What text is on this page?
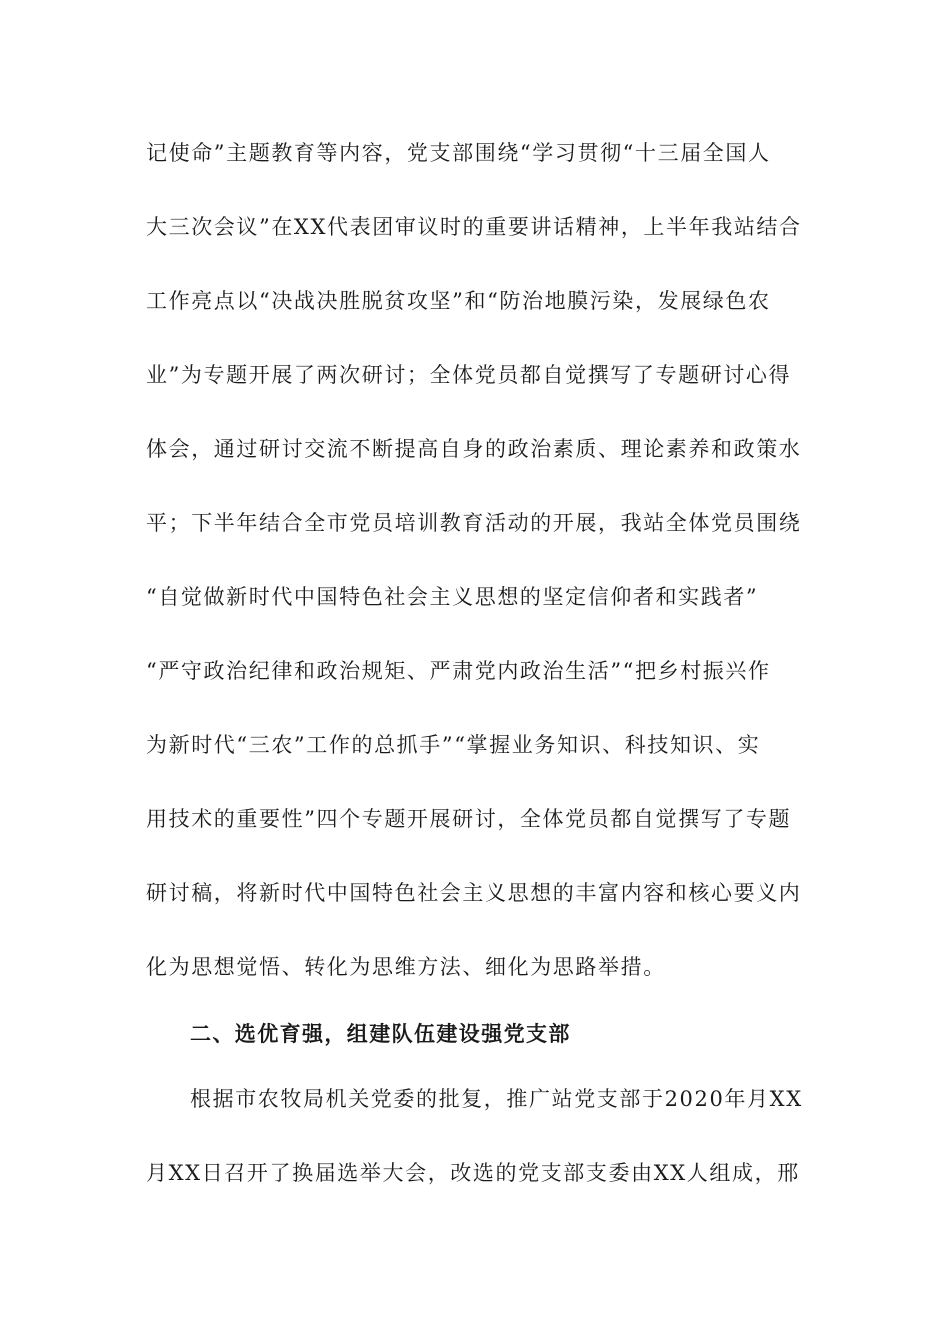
记使命”主题教育等内容，党支部围绕“学习贯彻“十三届全国人
大三次会议”在XX代表团审议时的重要讲话精神，上半年我站结合
工作亮点以“决战决胜脱贫攻坚”和“防治地膜污染，发展绿色农
业”为专题开展了两次研讨；全体党员都自觉撰写了专题研讨心得
体会，通过研讨交流不断提高自身的政治素质、理论素养和政策水
平；下半年结合全市党员培训教育活动的开展，我站全体党员围绕
“自觉做新时代中国特色社会主义思想的坚定信仰者和实践者”
“严守政治纪律和政治规矩、严肃党内政治生活”“把乡村振兴作
为新时代“三农”工作的总抓手”“掌握业务知识、科技知识、实
用技术的重要性”四个专题开展研讨，全体党员都自觉撰写了专题
研讨稿，将新时代中国特色社会主义思想的丰富内容和核心要义内
化为思想觉悟、转化为思维方法、细化为思路举措。
二、选优育强，组建队伍建设强党支部
根据市农牧局机关党委的批复，推广站党支部于2020年月XX
月XX日召开了换届选举大会，改选的党支部支委由XX人组成，邢
